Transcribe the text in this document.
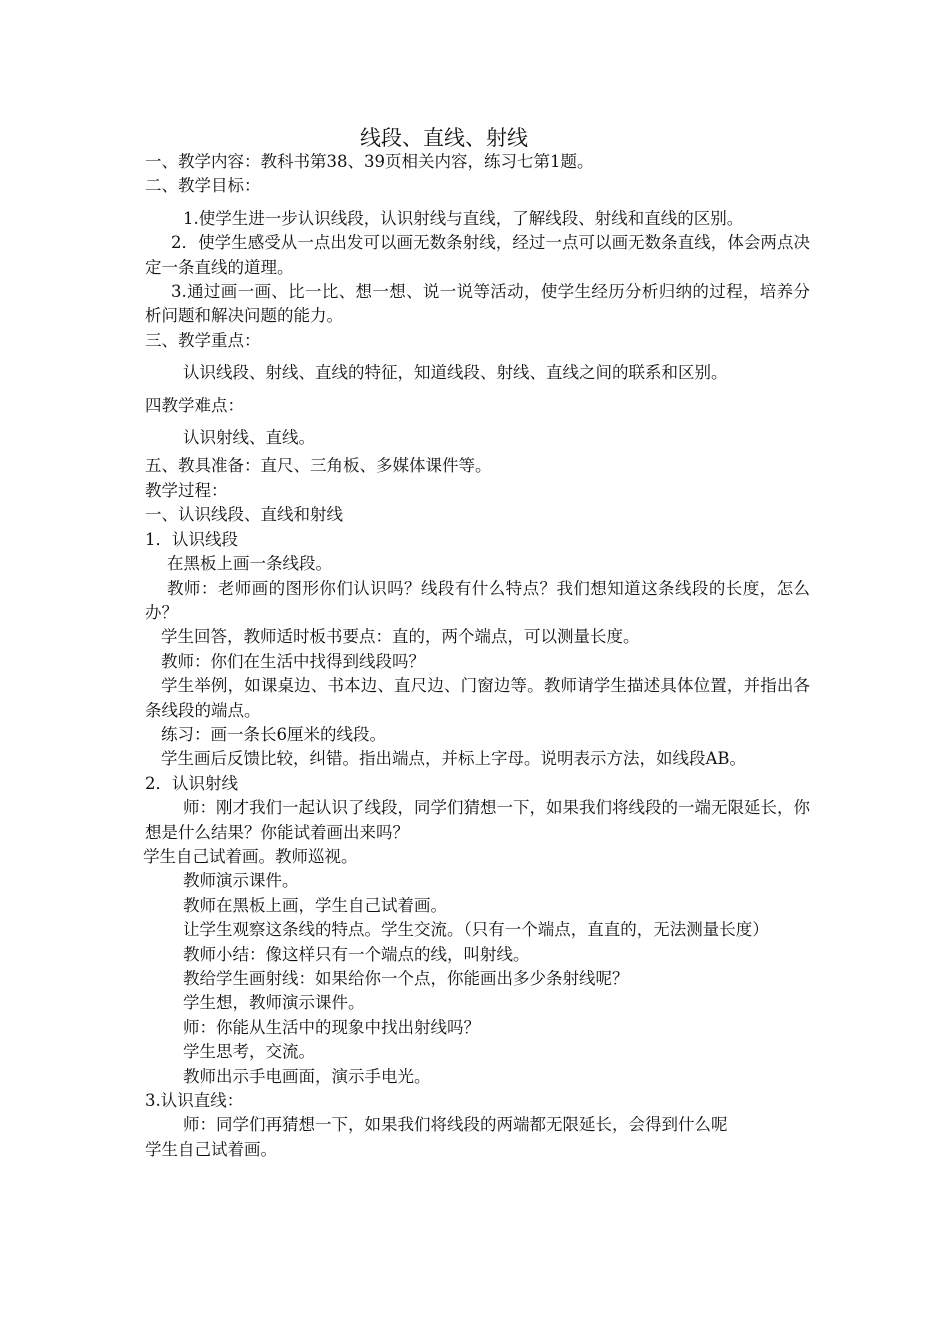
线段、直线、射线

一、教学内容：教科书第38、39页相关内容，练习七第1题。

二、教学目标：

1.使学生进一步认识线段，认识射线与直线，了解线段、射线和直线的区别。

2．使学生感受从一点出发可以画无数条射线，经过一点可以画无数条直线，体会两点决定一条直线的道理。

3.通过画一画、比一比、想一想、说一说等活动，使学生经历分析归纳的过程，培养分析问题和解决问题的能力。

三、教学重点：

认识线段、射线、直线的特征，知道线段、射线、直线之间的联系和区别。

四教学难点：

认识射线、直线。

五、教具准备：直尺、三角板、多媒体课件等。

教学过程：

一、认识线段、直线和射线

1．认识线段

在黑板上画一条线段。

教师：老师画的图形你们认识吗？线段有什么特点？我们想知道这条线段的长度，怎么办？

学生回答，教师适时板书要点：直的，两个端点，可以测量长度。

教师：你们在生活中找得到线段吗？

学生举例，如课桌边、书本边、直尺边、门窗边等。教师请学生描述具体位置，并指出各条线段的端点。

练习：画一条长6厘米的线段。

学生画后反馈比较，纠错。指出端点，并标上字母。说明表示方法，如线段AB。

2．认识射线

师：刚才我们一起认识了线段，同学们猜想一下，如果我们将线段的一端无限延长，你想是什么结果？你能试着画出来吗？

学生自己试着画。教师巡视。

教师演示课件。

教师在黑板上画，学生自己试着画。

让学生观察这条线的特点。学生交流。（只有一个端点，直直的，无法测量长度）

教师小结：像这样只有一个端点的线，叫射线。

教给学生画射线：如果给你一个点，你能画出多少条射线呢？

学生想，教师演示课件。

师：你能从生活中的现象中找出射线吗？

学生思考，交流。

教师出示手电画面，演示手电光。

3.认识直线：

师：同学们再猜想一下，如果我们将线段的两端都无限延长，会得到什么呢

学生自己试着画。
